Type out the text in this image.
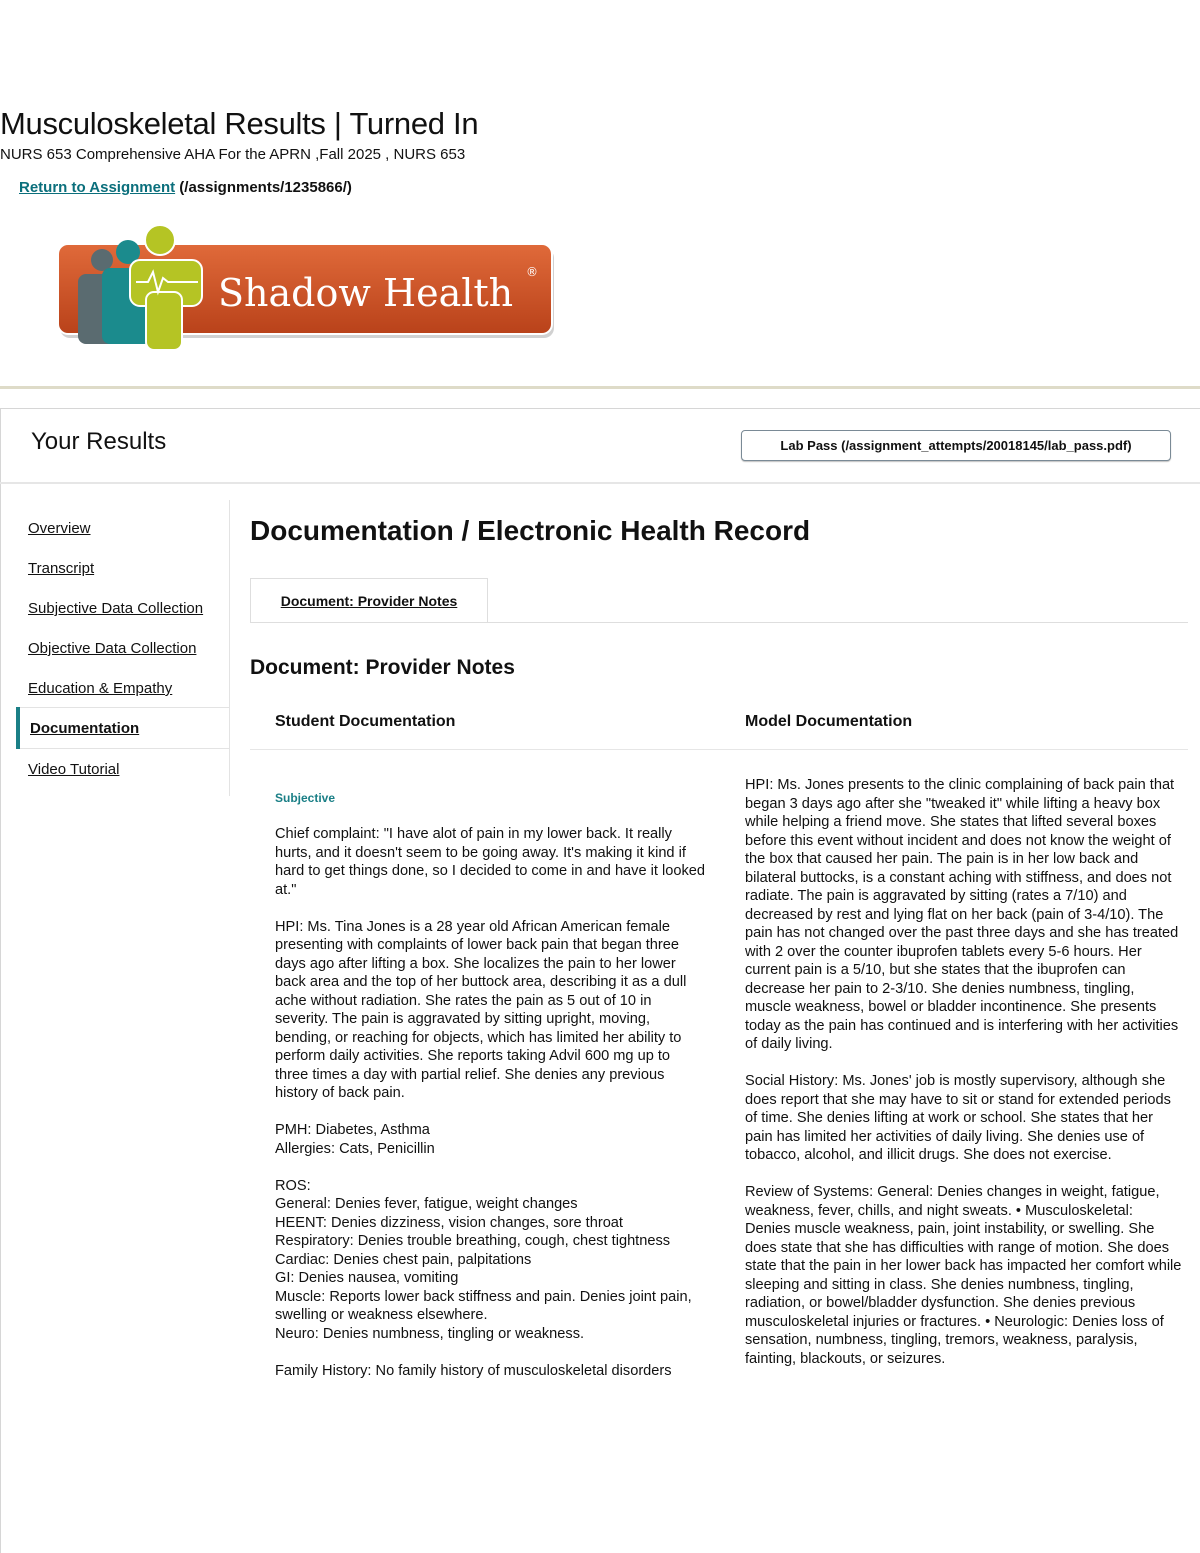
Musculoskeletal Results | Turned In
NURS 653 Comprehensive AHA For the APRN ,Fall 2025 , NURS 653
Return to Assignment (/assignments/1235866/)
Shadow Health ®
Your Results	Lab Pass (/assignment_attempts/20018145/lab_pass.pdf)
Overview
Transcript
Subjective Data Collection
Objective Data Collection
Education & Empathy
Documentation
Video Tutorial
Documentation / Electronic Health Record
Document: Provider Notes
Document: Provider Notes
Student Documentation	Model Documentation
Subjective

Chief complaint: "I have alot of pain in my lower back. It really hurts, and it doesn't seem to be going away. It's making it kind if hard to get things done, so I decided to come in and have it looked at."

HPI: Ms. Tina Jones is a 28 year old African American female presenting with complaints of lower back pain that began three days ago after lifting a box. She localizes the pain to her lower back area and the top of her buttock area, describing it as a dull ache without radiation. She rates the pain as 5 out of 10 in severity. The pain is aggravated by sitting upright, moving, bending, or reaching for objects, which has limited her ability to perform daily activities. She reports taking Advil 600 mg up to three times a day with partial relief. She denies any previous history of back pain.

PMH: Diabetes, Asthma
Allergies: Cats, Penicillin

ROS:
General: Denies fever, fatigue, weight changes
HEENT: Denies dizziness, vision changes, sore throat
Respiratory: Denies trouble breathing, cough, chest tightness
Cardiac: Denies chest pain, palpitations
GI: Denies nausea, vomiting
Muscle: Reports lower back stiffness and pain. Denies joint pain, swelling or weakness elsewhere.
Neuro: Denies numbness, tingling or weakness.

Family History: No family history of musculoskeletal disorders

HPI: Ms. Jones presents to the clinic complaining of back pain that began 3 days ago after she "tweaked it" while lifting a heavy box while helping a friend move. She states that lifted several boxes before this event without incident and does not know the weight of the box that caused her pain. The pain is in her low back and bilateral buttocks, is a constant aching with stiffness, and does not radiate. The pain is aggravated by sitting (rates a 7/10) and decreased by rest and lying flat on her back (pain of 3-4/10). The pain has not changed over the past three days and she has treated with 2 over the counter ibuprofen tablets every 5-6 hours. Her current pain is a 5/10, but she states that the ibuprofen can decrease her pain to 2-3/10. She denies numbness, tingling, muscle weakness, bowel or bladder incontinence. She presents today as the pain has continued and is interfering with her activities of daily living.

Social History: Ms. Jones' job is mostly supervisory, although she does report that she may have to sit or stand for extended periods of time. She denies lifting at work or school. She states that her pain has limited her activities of daily living. She denies use of tobacco, alcohol, and illicit drugs. She does not exercise.

Review of Systems: General: Denies changes in weight, fatigue, weakness, fever, chills, and night sweats. • Musculoskeletal: Denies muscle weakness, pain, joint instability, or swelling. She does state that she has difficulties with range of motion. She does state that the pain in her lower back has impacted her comfort while sleeping and sitting in class. She denies numbness, tingling, radiation, or bowel/bladder dysfunction. She denies previous musculoskeletal injuries or fractures. • Neurologic: Denies loss of sensation, numbness, tingling, tremors, weakness, paralysis, fainting, blackouts, or seizures.
